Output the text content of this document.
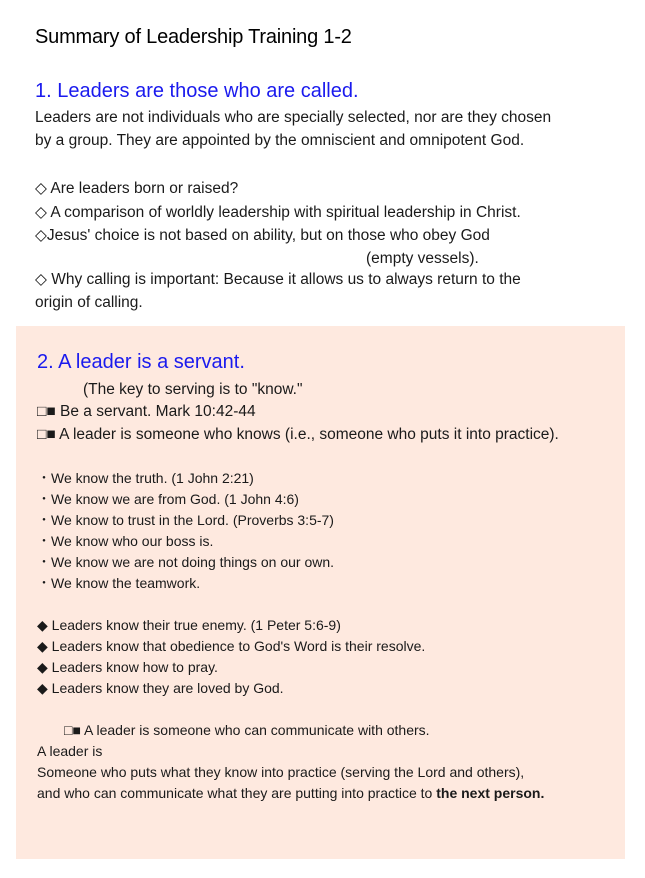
Summary of Leadership Training 1-2
1. Leaders are those who are called.
Leaders are not individuals who are specially selected, nor are they chosen
by a group. They are appointed by the omniscient and omnipotent God.
◇ Are leaders born or raised?
◇ A comparison of worldly leadership with spiritual leadership in Christ.
◇Jesus' choice is not based on ability, but on those who obey God
(empty vessels).
◇ Why calling is important: Because it allows us to always return to the
origin of calling.
2. A leader is a servant.
(The key to serving is to "know."
□■ Be a servant. Mark 10:42-44
□■ A leader is someone who knows (i.e., someone who puts it into practice).
・We know the truth. (1 John 2:21)
・We know we are from God. (1 John 4:6)
・We know to trust in the Lord. (Proverbs 3:5-7)
・We know who our boss is.
・We know we are not doing things on our own.
・We know the teamwork.
◆ Leaders know their true enemy. (1 Peter 5:6-9)
◆ Leaders know that obedience to God's Word is their resolve.
◆ Leaders know how to pray.
◆ Leaders know they are loved by God.
□■ A leader is someone who can communicate with others.
A leader is
Someone who puts what they know into practice (serving the Lord and others),
and who can communicate what they are putting into practice to the next person.
